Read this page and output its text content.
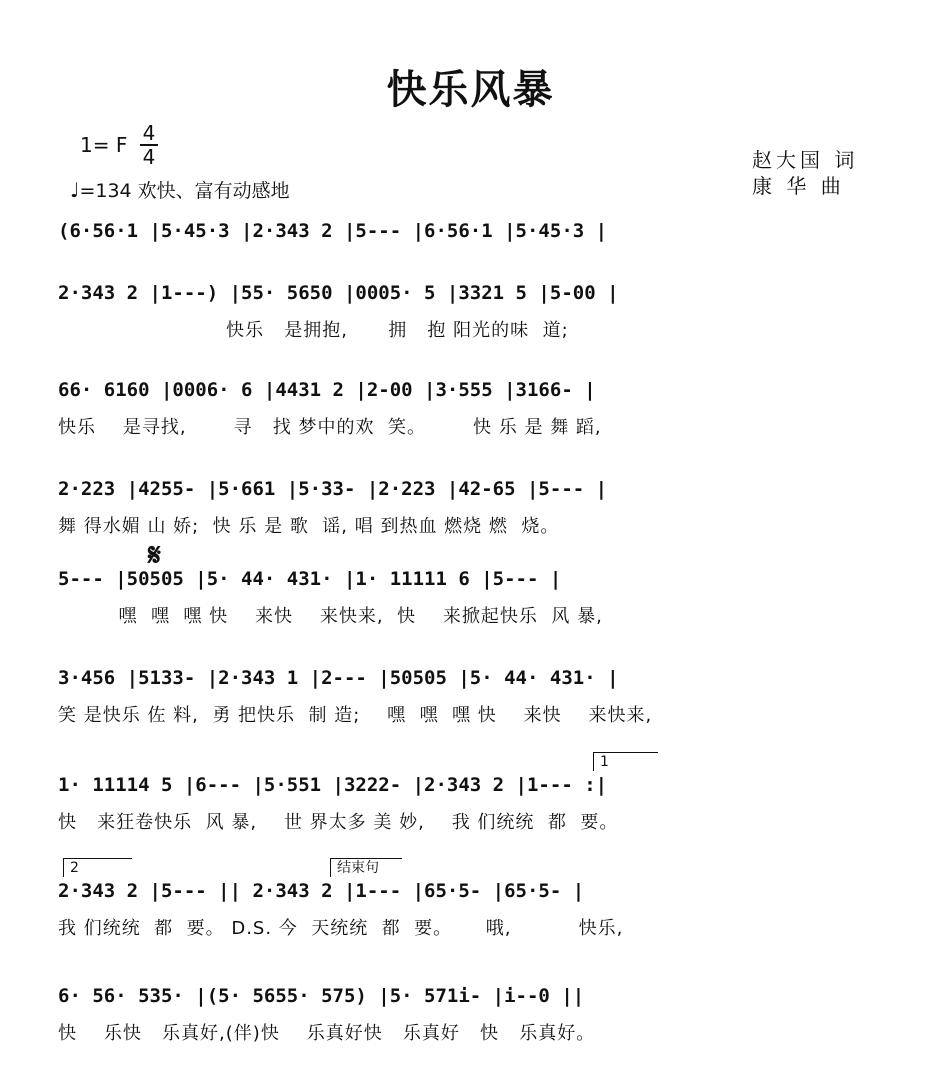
快乐风暴
1= F 4
4
♩=134 欢快、富有动感地
赵大国 词
康 华 曲
𝄋
(6·56·1 |5·45·3 |2·343 2 |5--- |6·56·1 |5·45·3 |
2·343 2 |1---) |55· 5650 |0005· 5 |3321 5 |5-00 |
快乐   是拥抱,      拥   抱 阳光的味  道;
66· 6160 |0006· 6 |4431 2 |2-00 |3·555 |3166- |
快乐    是寻找,       寻   找 梦中的欢  笑。       快 乐 是 舞 蹈,
2·223 |4255- |5·661 |5·33- |2·223 |42-65 |5--- |
舞 得水媚 山 娇;  快 乐 是 歌  谣, 唱 到热血 燃烧 燃  烧。
5--- |50505 |5· 44· 431· |1· 11111 6 |5--- |
嘿  嘿  嘿 快    来快    来快来,  快    来掀起快乐  风 暴,
3·456 |5133- |2·343 1 |2--- |50505 |5· 44· 431· |
笑 是快乐 佐 料,  勇 把快乐  制 造;    嘿  嘿  嘿 快    来快    来快来,
1
1· 11114 5 |6--- |5·551 |3222- |2·343 2 |1--- :|
快   来狂卷快乐  风 暴,    世 界太多 美 妙,    我 们统统  都  要。
2	结束句
2·343 2 |5--- || 2·343 2 |1--- |65·5- |65·5- |
我 们统统  都  要。 D.S. 今  天统统  都  要。     哦,          快乐,
6· 56· 535· |(5· 5655· 575) |5· 571i- |i--0 ||
快    乐快   乐真好,(伴)快    乐真好快   乐真好   快   乐真好。
